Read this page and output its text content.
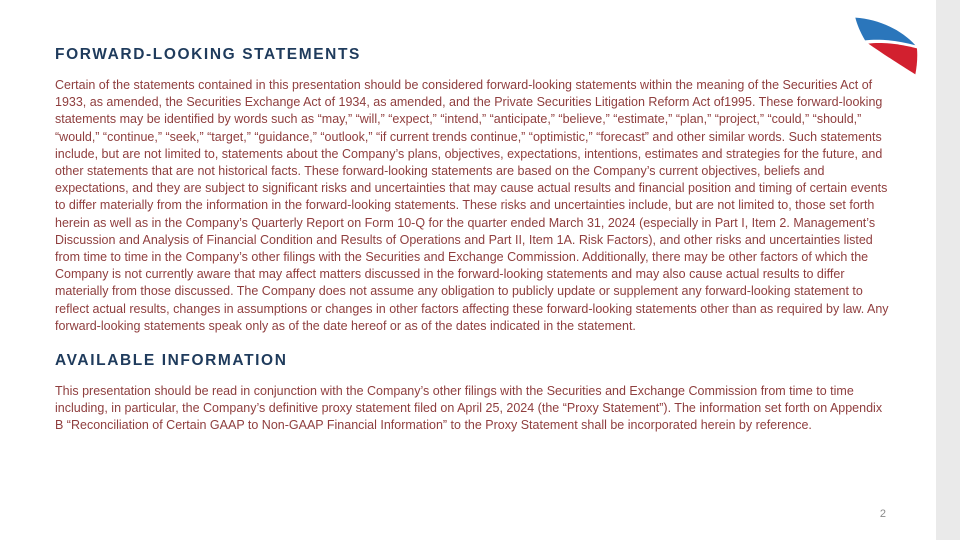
FORWARD-LOOKING STATEMENTS

Certain of the statements contained in this presentation should be considered forward-looking statements within the meaning of the Securities Act of 1933, as amended, the Securities Exchange Act of 1934, as amended, and the Private Securities Litigation Reform Act of1995. These forward-looking statements may be identified by words such as “may,” “will,” “expect,” “intend,” “anticipate,” “believe,” “estimate,” “plan,” “project,” “could,” “should,” “would,” “continue,” “seek,” “target,” “guidance,” “outlook,” “if current trends continue,” “optimistic,” “forecast” and other similar words. Such statements include, but are not limited to, statements about the Company’s plans, objectives, expectations, intentions, estimates and strategies for the future, and other statements that are not historical facts. These forward-looking statements are based on the Company’s current objectives, beliefs and expectations, and they are subject to significant risks and uncertainties that may cause actual results and financial position and timing of certain events to differ materially from the information in the forward-looking statements. These risks and uncertainties include, but are not limited to, those set forth herein as well as in the Company’s Quarterly Report on Form 10-Q for the quarter ended March 31, 2024 (especially in Part I, Item 2. Management’s Discussion and Analysis of Financial Condition and Results of Operations and Part II, Item 1A. Risk Factors), and other risks and uncertainties listed from time to time in the Company’s other filings with the Securities and Exchange Commission. Additionally, there may be other factors of which the Company is not currently aware that may affect matters discussed in the forward-looking statements and may also cause actual results to differ materially from those discussed. The Company does not assume any obligation to publicly update or supplement any forward-looking statement to reflect actual results, changes in assumptions or changes in other factors affecting these forward-looking statements other than as required by law. Any forward-looking statements speak only as of the date hereof or as of the dates indicated in the statement.

AVAILABLE INFORMATION

This presentation should be read in conjunction with the Company’s other filings with the Securities and Exchange Commission from time to time including, in particular, the Company’s definitive proxy statement filed on April 25, 2024 (the “Proxy Statement”). The information set forth on Appendix B “Reconciliation of Certain GAAP to Non-GAAP Financial Information” to the Proxy Statement shall be incorporated herein by reference.

2
